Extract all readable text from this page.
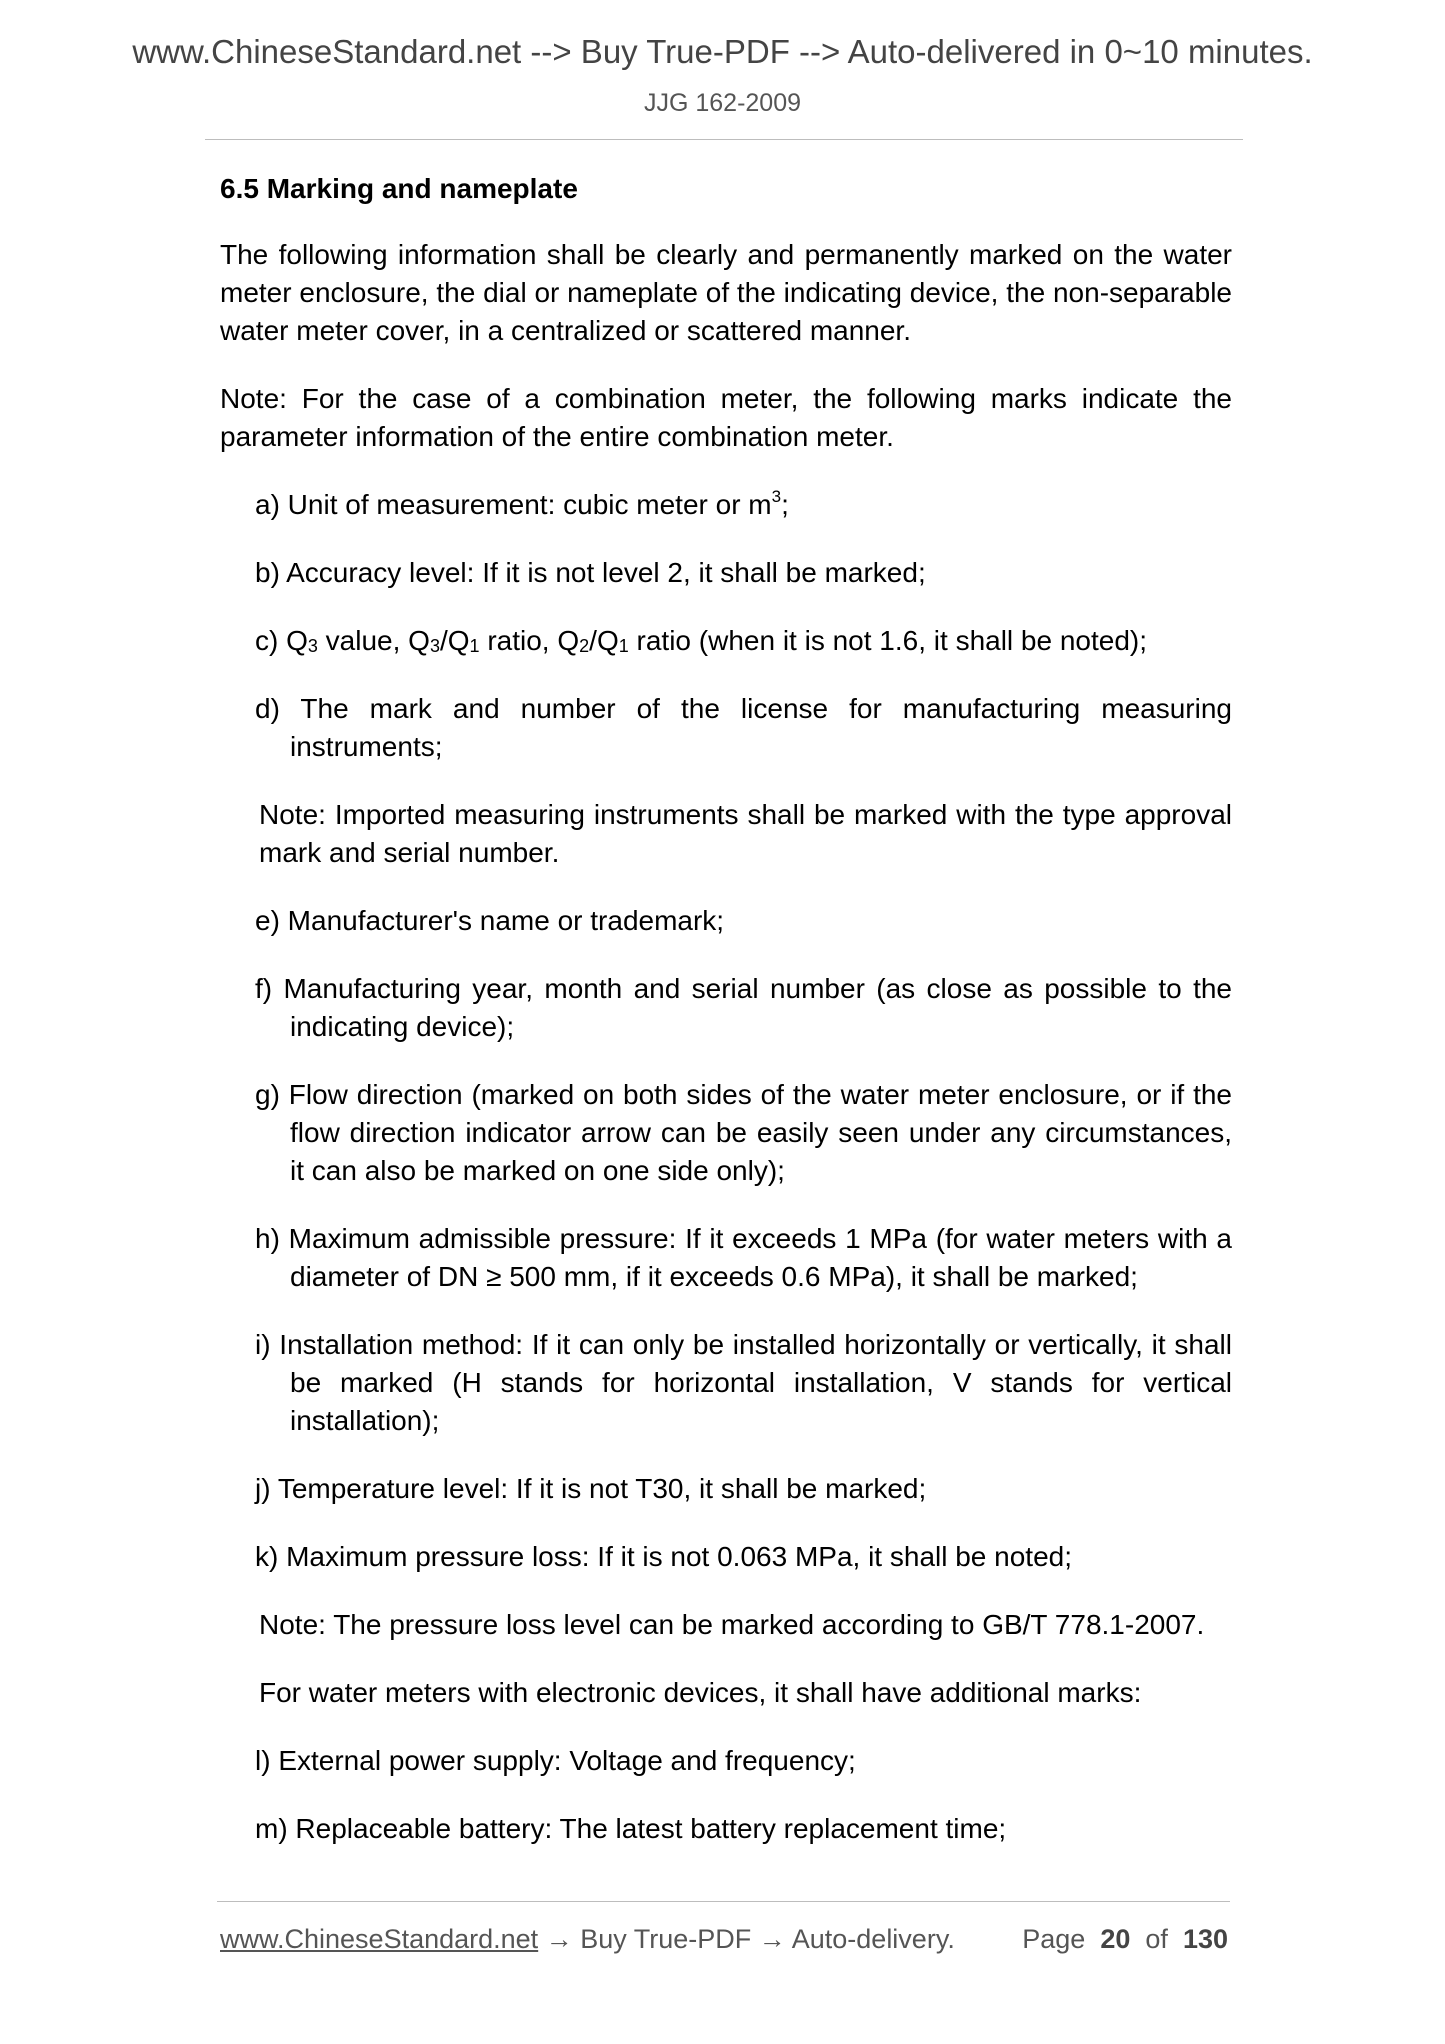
www.ChineseStandard.net --> Buy True-PDF --> Auto-delivered in 0~10 minutes.
JJG 162-2009
6.5 Marking and nameplate

The following information shall be clearly and permanently marked on the water meter enclosure, the dial or nameplate of the indicating device, the non-separable water meter cover, in a centralized or scattered manner.

Note: For the case of a combination meter, the following marks indicate the parameter information of the entire combination meter.

a) Unit of measurement: cubic meter or $m^3$;
b) Accuracy level: If it is not level 2, it shall be marked;
c) $Q_3$ value, $Q_3/Q_1$ ratio, $Q_2/Q_1$ ratio (when it is not 1.6, it shall be noted);
d) The mark and number of the license for manufacturing measuring instruments;
Note: Imported measuring instruments shall be marked with the type approval mark and serial number.
e) Manufacturer's name or trademark;
f) Manufacturing year, month and serial number (as close as possible to the indicating device);
g) Flow direction (marked on both sides of the water meter enclosure, or if the flow direction indicator arrow can be easily seen under any circumstances, it can also be marked on one side only);
h) Maximum admissible pressure: If it exceeds 1 MPa (for water meters with a diameter of DN ≥ 500 mm, if it exceeds 0.6 MPa), it shall be marked;
i) Installation method: If it can only be installed horizontally or vertically, it shall be marked (H stands for horizontal installation, V stands for vertical installation);
j) Temperature level: If it is not T30, it shall be marked;
k) Maximum pressure loss: If it is not 0.063 MPa, it shall be noted;
Note: The pressure loss level can be marked according to GB/T 778.1-2007.
For water meters with electronic devices, it shall have additional marks:
l) External power supply: Voltage and frequency;
m) Replaceable battery: The latest battery replacement time;
www.ChineseStandard.net → Buy True-PDF → Auto-delivery. Page 20 of 130
